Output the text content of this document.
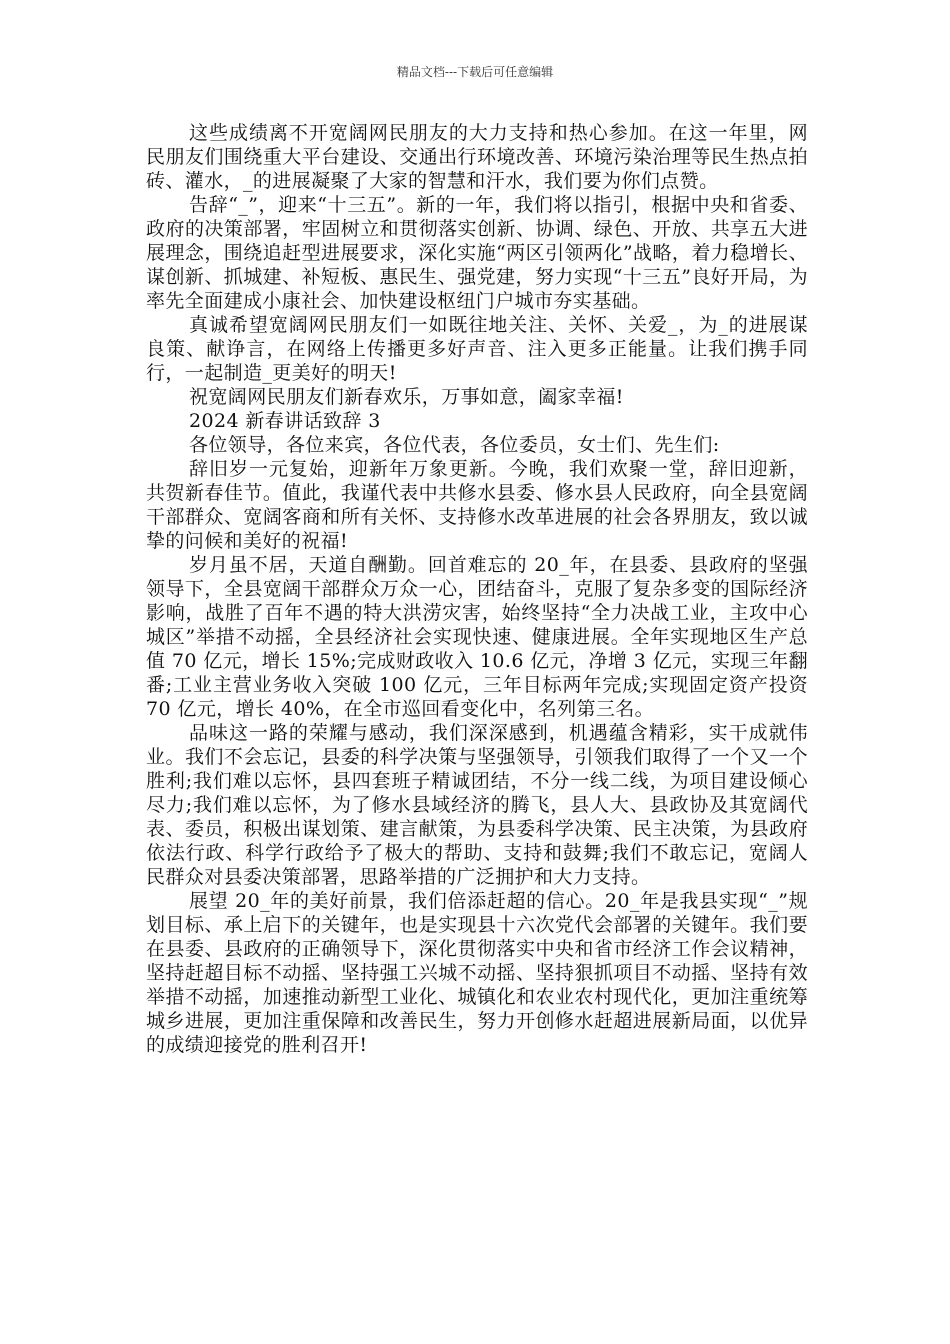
精品文档---下载后可任意编辑

这些成绩离不开宽阔网民朋友的大力支持和热心参加。在这一年里，网民朋友们围绕重大平台建设、交通出行环境改善、环境污染治理等民生热点拍砖、灌水，_的进展凝聚了大家的智慧和汗水，我们要为你们点赞。

告辞“_”，迎来“十三五”。新的一年，我们将以指引，根据中央和省委、政府的决策部署，牢固树立和贯彻落实创新、协调、绿色、开放、共享五大进展理念，围绕追赶型进展要求，深化实施“两区引领两化”战略，着力稳增长、谋创新、抓城建、补短板、惠民生、强党建，努力实现“十三五”良好开局，为率先全面建成小康社会、加快建设枢纽门户城市夯实基础。

真诚希望宽阔网民朋友们一如既往地关注、关怀、关爱_，为_的进展谋良策、献诤言，在网络上传播更多好声音、注入更多正能量。让我们携手同行，一起制造_更美好的明天!

祝宽阔网民朋友们新春欢乐，万事如意，阖家幸福!

2024 新春讲话致辞 3

各位领导，各位来宾，各位代表，各位委员，女士们、先生们:

辞旧岁一元复始，迎新年万象更新。今晚，我们欢聚一堂，辞旧迎新，共贺新春佳节。值此，我谨代表中共修水县委、修水县人民政府，向全县宽阔干部群众、宽阔客商和所有关怀、支持修水改革进展的社会各界朋友，致以诚挚的问候和美好的祝福!

岁月虽不居，天道自酬勤。回首难忘的 20_年，在县委、县政府的坚强领导下，全县宽阔干部群众万众一心，团结奋斗，克服了复杂多变的国际经济影响，战胜了百年不遇的特大洪涝灾害，始终坚持“全力决战工业，主攻中心城区”举措不动摇，全县经济社会实现快速、健康进展。全年实现地区生产总值 70 亿元，增长 15%;完成财政收入 10.6 亿元，净增 3 亿元，实现三年翻番;工业主营业务收入突破 100 亿元，三年目标两年完成;实现固定资产投资 70 亿元，增长 40%，在全市巡回看变化中，名列第三名。

品味这一路的荣耀与感动，我们深深感到，机遇蕴含精彩，实干成就伟业。我们不会忘记，县委的科学决策与坚强领导，引领我们取得了一个又一个胜利;我们难以忘怀，县四套班子精诚团结，不分一线二线，为项目建设倾心尽力;我们难以忘怀，为了修水县域经济的腾飞，县人大、县政协及其宽阔代表、委员，积极出谋划策、建言献策，为县委科学决策、民主决策，为县政府依法行政、科学行政给予了极大的帮助、支持和鼓舞;我们不敢忘记，宽阔人民群众对县委决策部署，思路举措的广泛拥护和大力支持。

展望 20_年的美好前景，我们倍添赶超的信心。20_年是我县实现“_”规划目标、承上启下的关键年，也是实现县十六次党代会部署的关键年。我们要在县委、县政府的正确领导下，深化贯彻落实中央和省市经济工作会议精神，坚持赶超目标不动摇、坚持强工兴城不动摇、坚持狠抓项目不动摇、坚持有效举措不动摇，加速推动新型工业化、城镇化和农业农村现代化，更加注重统筹城乡进展，更加注重保障和改善民生，努力开创修水赶超进展新局面，以优异的成绩迎接党的胜利召开!
